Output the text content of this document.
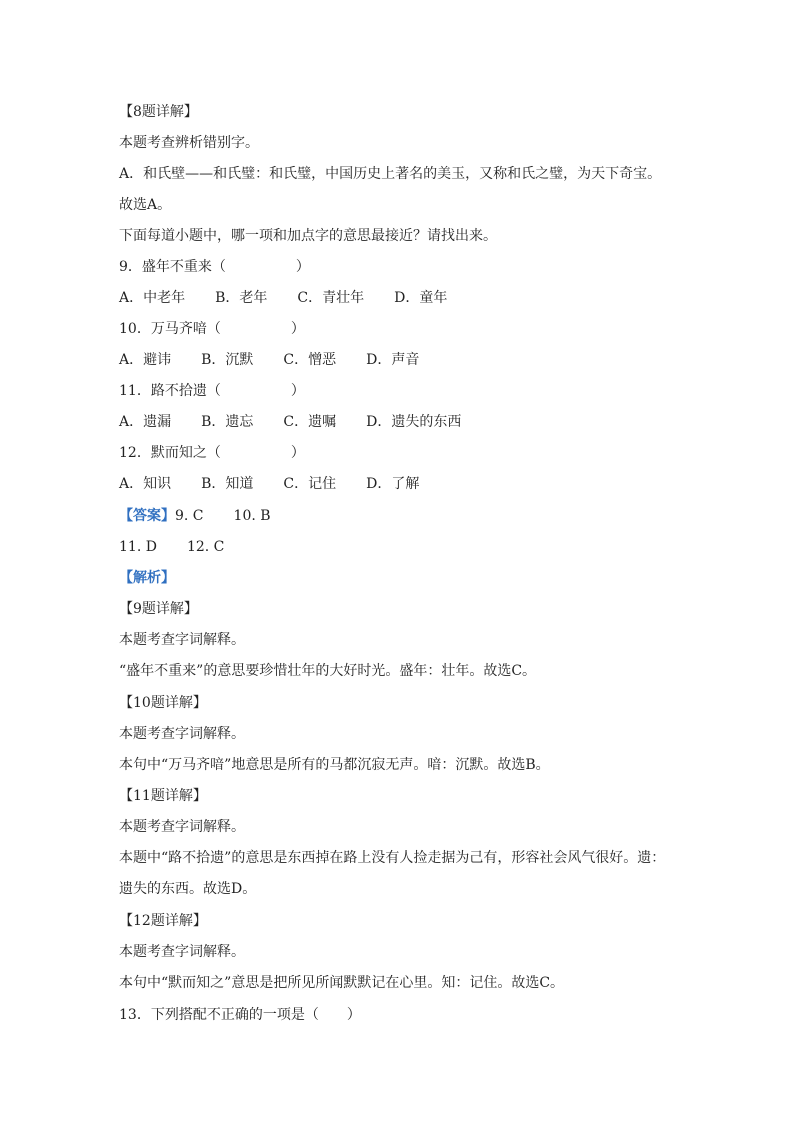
【8题详解】
本题考查辨析错别字。
A．和氏壁——和氏璧：和氏璧，中国历史上著名的美玉，又称和氏之璧，为天下奇宝。
故选A。
下面每道小题中，哪一项和加点字的意思最接近？请找出来。
9．盛年不重来（　　　　　）
A．中老年 B．老年 C．青壮年 D．童年
10．万马齐喑（　　　　　）
A．避讳 B．沉默 C．憎恶 D．声音
11．路不拾遗（　　　　　）
A．遗漏 B．遗忘 C．遗嘱 D．遗失的东西
12．默而知之（　　　　　）
A．知识 B．知道 C．记住 D．了解
【答案】9. C 10. B
11. D 12. C
【解析】
【9题详解】
本题考查字词解释。
“盛年不重来”的意思要珍惜壮年的大好时光。盛年：壮年。故选C。
【10题详解】
本题考查字词解释。
本句中“万马齐喑”地意思是所有的马都沉寂无声。喑：沉默。故选B。
【11题详解】
本题考查字词解释。
本题中“路不拾遗”的意思是东西掉在路上没有人捡走据为己有，形容社会风气很好。遗：
遗失的东西。故选D。
【12题详解】
本题考查字词解释。
本句中“默而知之”意思是把所见所闻默默记在心里。知：记住。故选C。
13．下列搭配不正确的一项是（　　）
